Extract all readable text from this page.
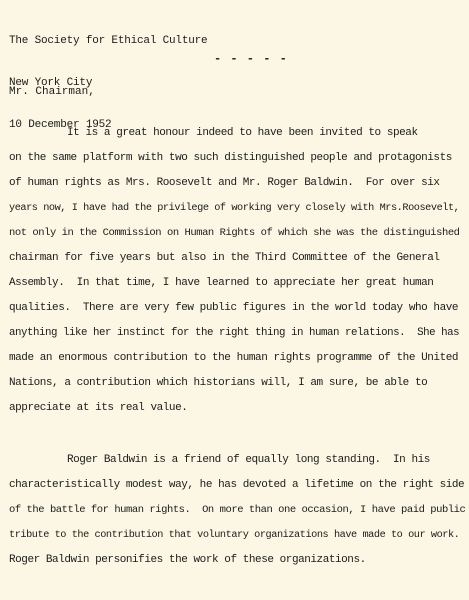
The Society for Ethical Culture

New York City

10 December 1952

- - - - -
Mr. Chairman,
It is a great honour indeed to have been invited to speak
on the same platform with two such distinguished people and protagonists
of human rights as Mrs. Roosevelt and Mr. Roger Baldwin.  For over six
years now, I have had the privilege of working very closely with Mrs.Roosevelt,
not only in the Commission on Human Rights of which she was the distinguished
chairman for five years but also in the Third Committee of the General
Assembly.  In that time, I have learned to appreciate her great human
qualities.  There are very few public figures in the world today who have
anything like her instinct for the right thing in human relations.  She has
made an enormous contribution to the human rights programme of the United
Nations, a contribution which historians will, I am sure, be able to
appreciate at its real value.
Roger Baldwin is a friend of equally long standing.  In his
characteristically modest way, he has devoted a lifetime on the right side
of the battle for human rights.  On more than one occasion, I have paid public
tribute to the contribution that voluntary organizations have made to our work.
Roger Baldwin personifies the work of these organizations.
